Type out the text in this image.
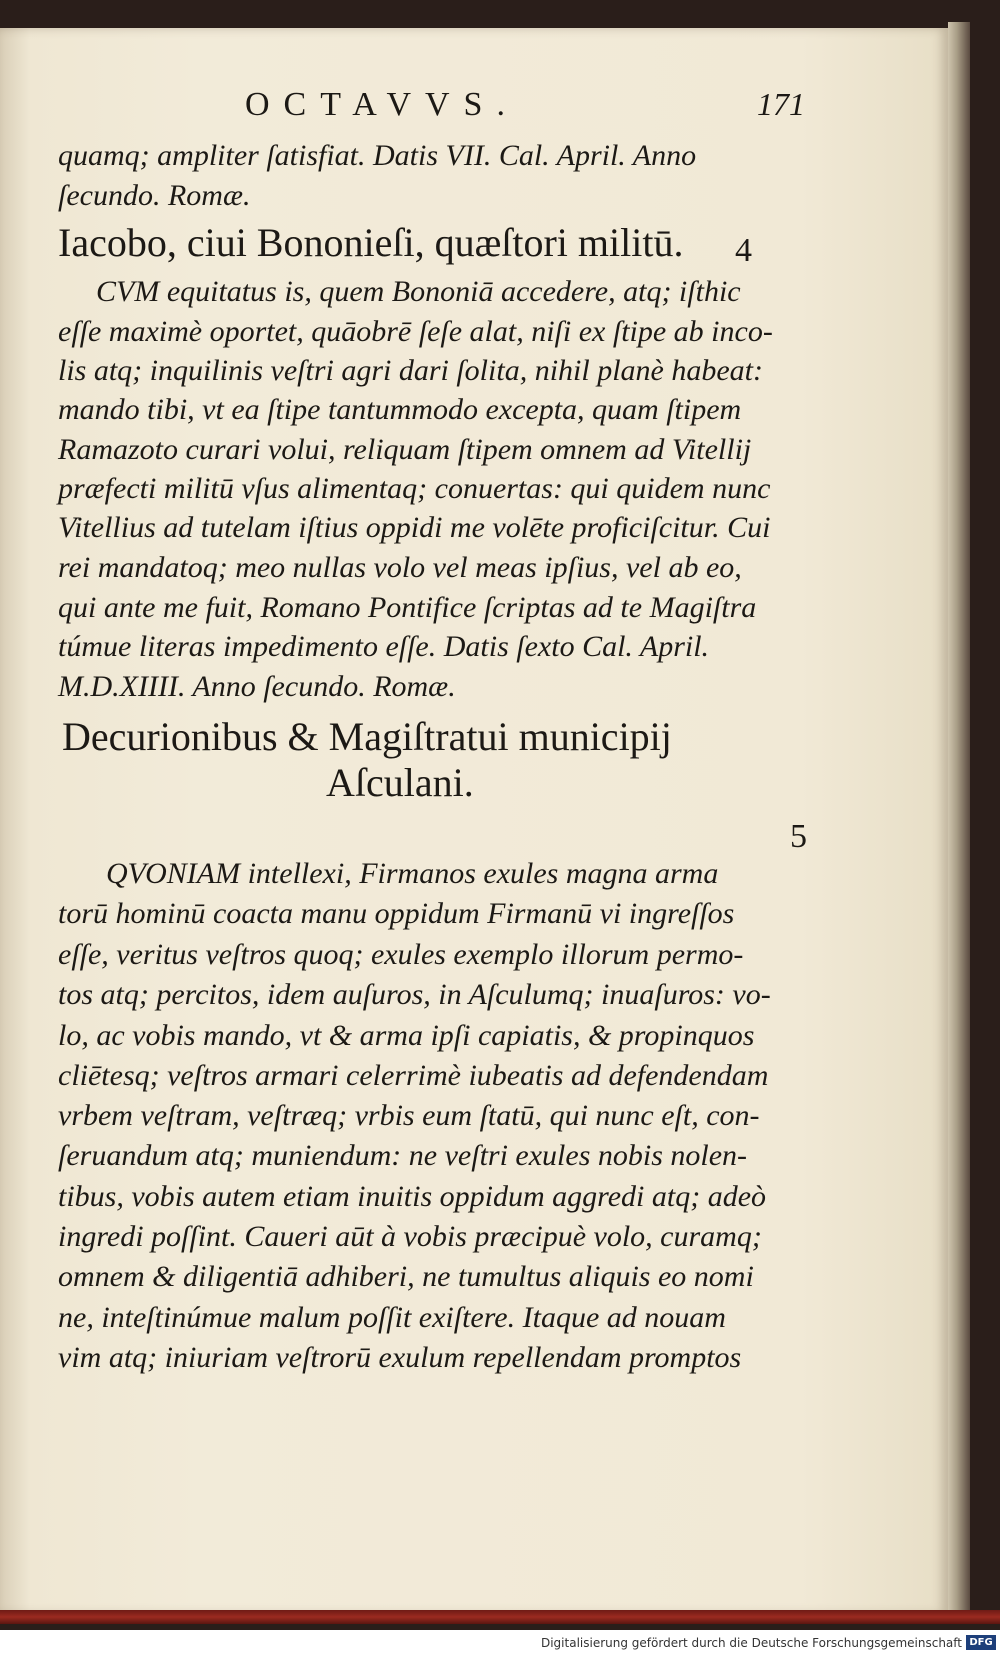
OCTAVVS.	171
quamq; ampliter ſatisfiat. Datis VII. Cal. April. Anno
ſecundo. Romæ.
Iacobo, ciui Bononieſi, quæſtori militū.	4
CVM equitatus is, quem Bononiā accedere, atq; iſthic
eſſe maximè oportet, quāobrē ſeſe alat, niſi ex ſtipe ab inco-
lis atq; inquilinis veſtri agri dari ſolita, nihil planè habeat:
mando tibi, vt ea ſtipe tantummodo excepta, quam ſtipem
Ramazoto curari volui, reliquam ſtipem omnem ad Vitellij
præfecti militū vſus alimentaq; conuertas: qui quidem nunc
Vitellius ad tutelam iſtius oppidi me volēte proficiſcitur. Cui
rei mandatoq; meo nullas volo vel meas ipſius, vel ab eo,
qui ante me fuit, Romano Pontifice ſcriptas ad te Magiſtra
túmue literas impedimento eſſe. Datis ſexto Cal. April.
M.D.XIIII. Anno ſecundo. Romæ.
Decurionibus & Magiſtratui municipij
Aſculani.
5
QVONIAM intellexi, Firmanos exules magna arma
torū hominū coacta manu oppidum Firmanū vi ingreſſos
eſſe, veritus veſtros quoq; exules exemplo illorum permo-
tos atq; percitos, idem auſuros, in Aſculumq; inuaſuros: vo-
lo, ac vobis mando, vt & arma ipſi capiatis, & propinquos
cliētesq; veſtros armari celerrimè iubeatis ad defendendam
vrbem veſtram, veſtræq; vrbis eum ſtatū, qui nunc eſt, con-
ſeruandum atq; muniendum: ne veſtri exules nobis nolen-
tibus, vobis autem etiam inuitis oppidum aggredi atq; adeò
ingredi poſſint. Caueri aūt à vobis præcipuè volo, curamq;
omnem & diligentiā adhiberi, ne tumultus aliquis eo nomi
ne, inteſtinúmue malum poſſit exiſtere. Itaque ad nouam
vim atq; iniuriam veſtrorū exulum repellendam promptos
Digitalisierung gefördert durch die Deutsche Forschungsgemeinschaft DFG
